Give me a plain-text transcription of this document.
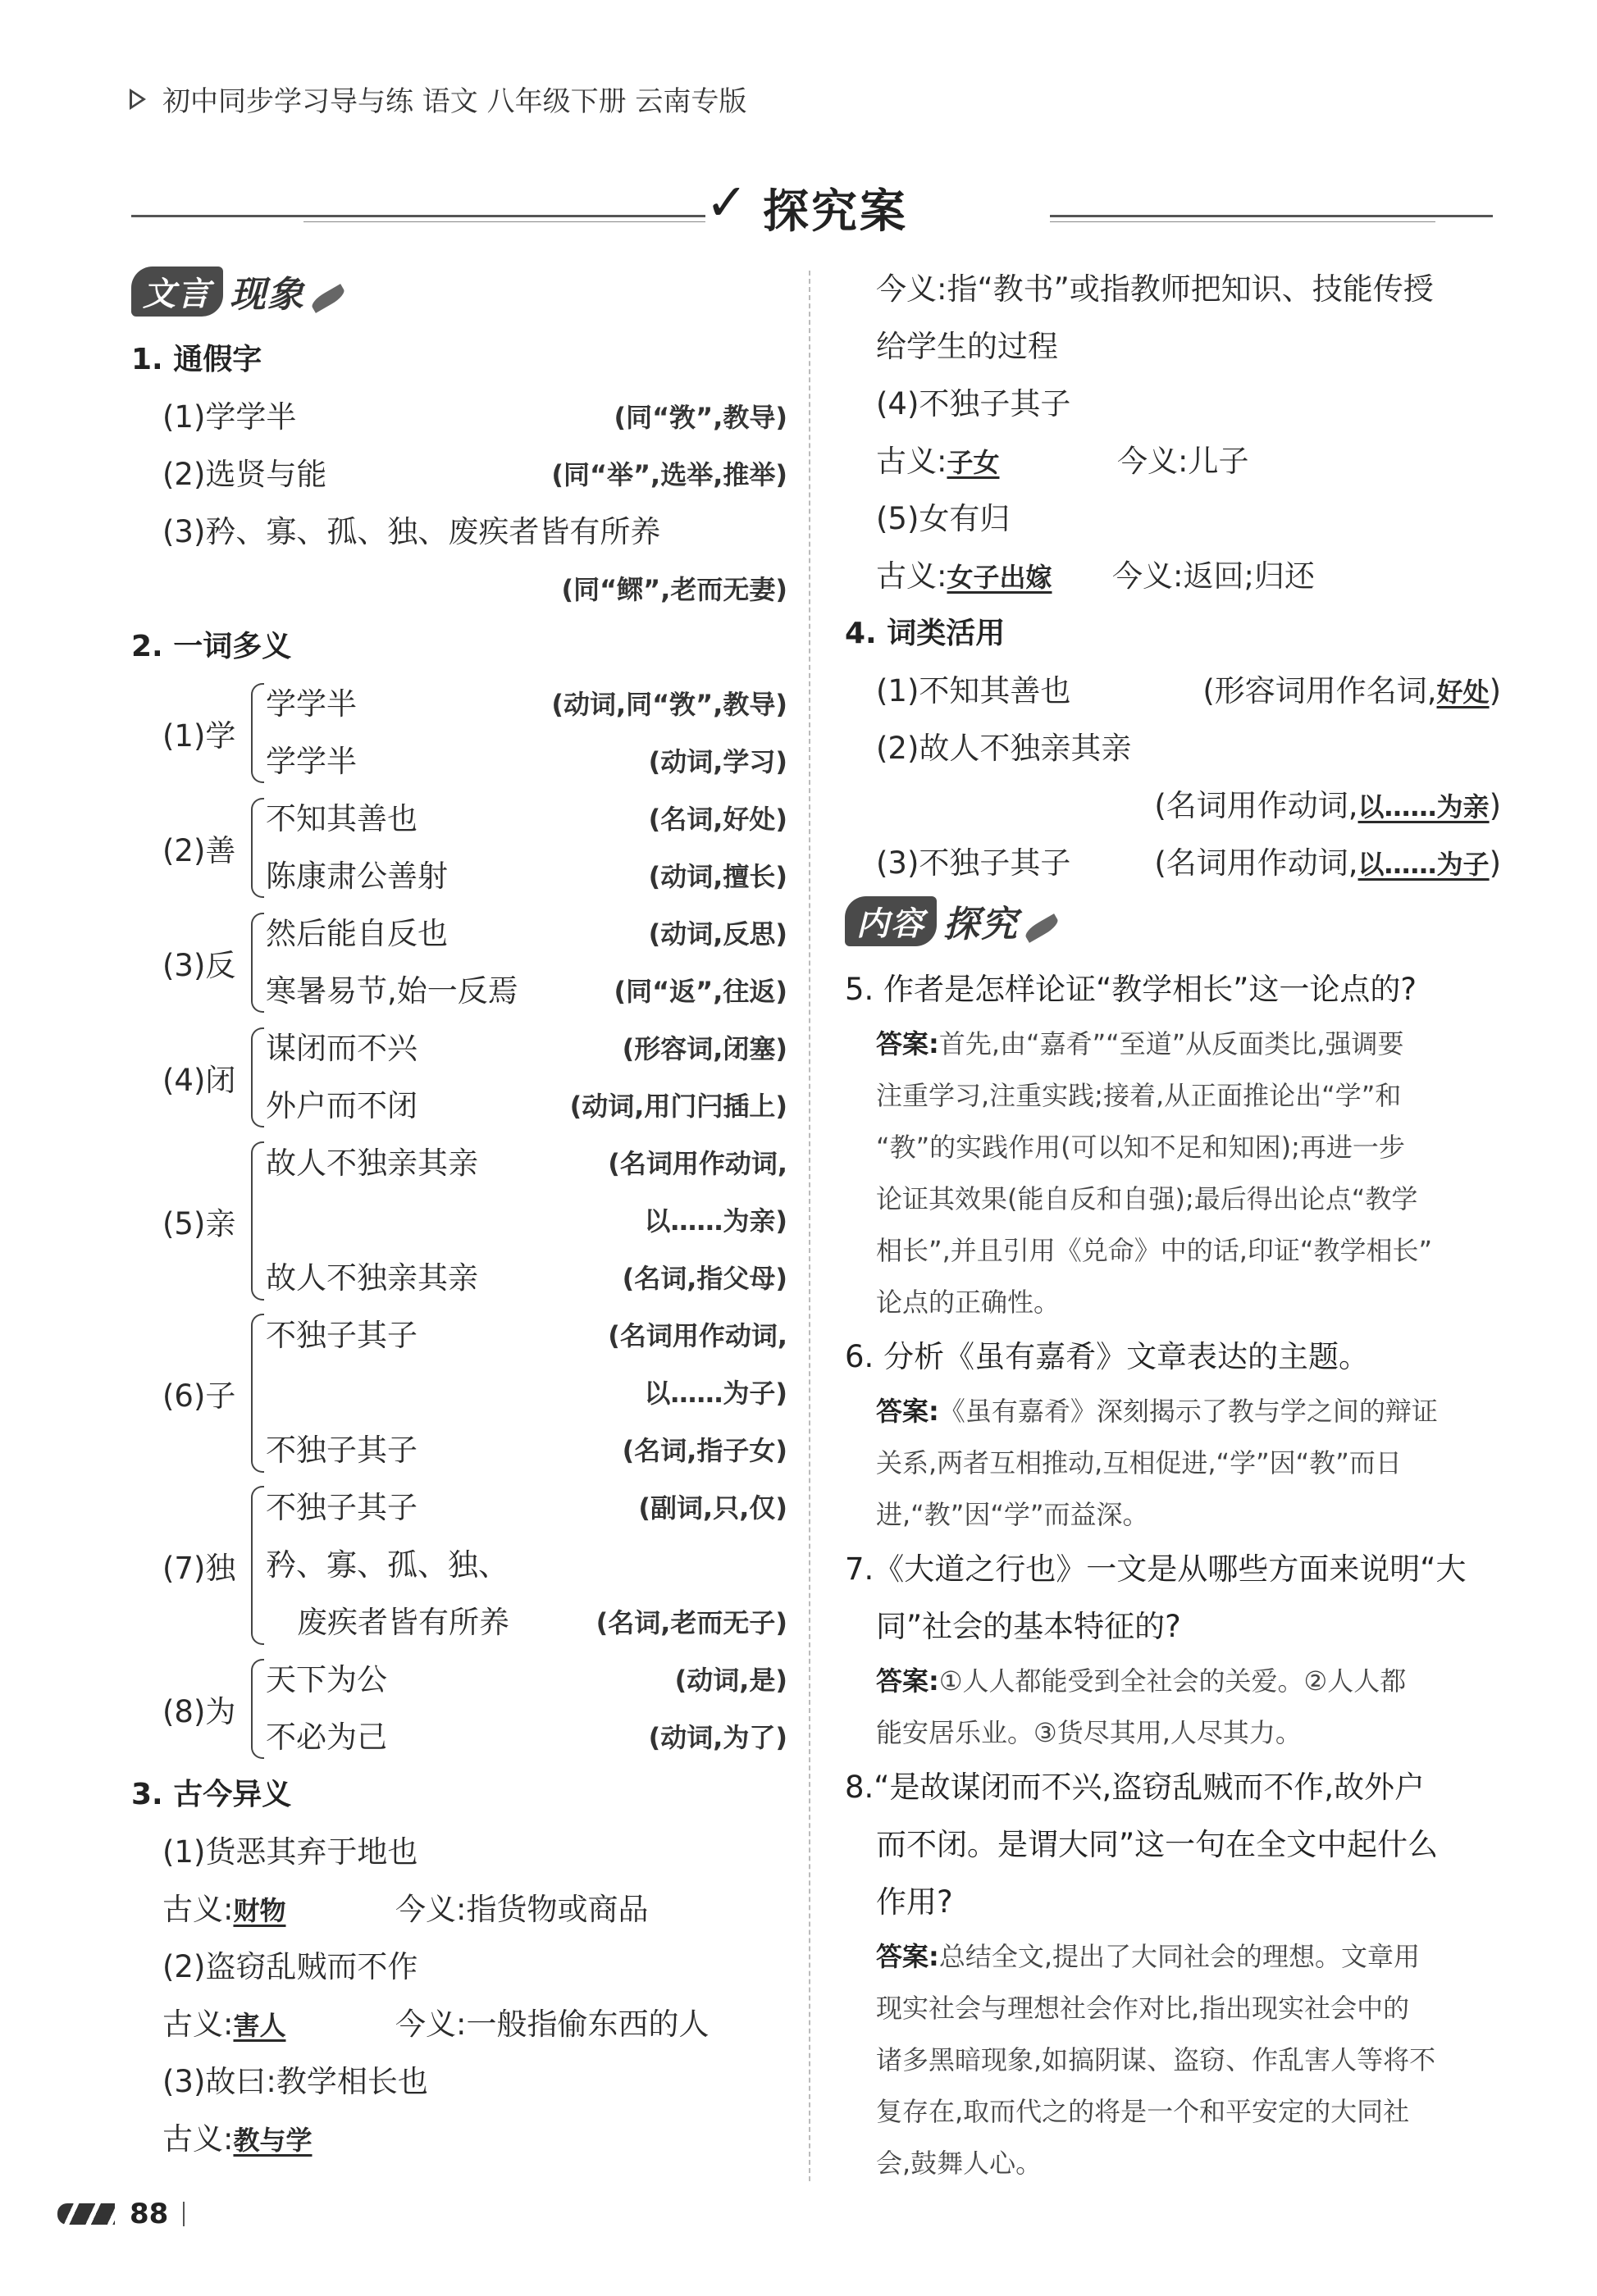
初中同步学习导与练 语文 八年级下册 云南专版
✓ 探究案
文言 现象
1. 通假字
(1)学学半	(同“敩”,教导)
(2)选贤与能	(同“举”,选举,推举)
(3)矜、寡、孤、独、废疾者皆有所养
(同“鳏”,老而无妻)
2. 一词多义
(1)学
学学半	(动词,同“敩”,教导)
学学半	(动词,学习)
(2)善
不知其善也	(名词,好处)
陈康肃公善射	(动词,擅长)
(3)反
然后能自反也	(动词,反思)
寒暑易节,始一反焉	(同“返”,往返)
(4)闭
谋闭而不兴	(形容词,闭塞)
外户而不闭	(动词,用门闩插上)
(5)亲
故人不独亲其亲	(名词用作动词,
以……为亲)
故人不独亲其亲	(名词,指父母)
(6)子
不独子其子	(名词用作动词,
以……为子)
不独子其子	(名词,指子女)
(7)独
不独子其子	(副词,只,仅)
矜、寡、孤、独、
废疾者皆有所养	(名词,老而无子)
(8)为
天下为公	(动词,是)
不必为己	(动词,为了)
3. 古今异义
(1)货恶其弃于地也
古义:财物	今义:指货物或商品
(2)盗窃乱贼而不作
古义:害人	今义:一般指偷东西的人
(3)故曰:教学相长也
古义:教与学
今义:指“教书”或指教师把知识、技能传授
给学生的过程
(4)不独子其子
古义:子女	今义:儿子
(5)女有归
古义:女子出嫁 今义:返回;归还
4. 词类活用
(1)不知其善也	(形容词用作名词,好处)
(2)故人不独亲其亲
(名词用作动词,以……为亲)
(3)不独子其子	(名词用作动词,以……为子)
内容 探究
5. 作者是怎样论证“教学相长”这一论点的?
答案:首先,由“嘉肴”“至道”从反面类比,强调要
注重学习,注重实践;接着,从正面推论出“学”和
“教”的实践作用(可以知不足和知困);再进一步
论证其效果(能自反和自强);最后得出论点“教学
相长”,并且引用《兑命》中的话,印证“教学相长”
论点的正确性。
6. 分析《虽有嘉肴》文章表达的主题。
答案:《虽有嘉肴》深刻揭示了教与学之间的辩证
关系,两者互相推动,互相促进,“学”因“教”而日
进,“教”因“学”而益深。
7.《大道之行也》一文是从哪些方面来说明“大
同”社会的基本特征的?
答案:①人人都能受到全社会的关爱。②人人都
能安居乐业。③货尽其用,人尽其力。
8.“是故谋闭而不兴,盗窃乱贼而不作,故外户
而不闭。是谓大同”这一句在全文中起什么
作用?
答案:总结全文,提出了大同社会的理想。文章用
现实社会与理想社会作对比,指出现实社会中的
诸多黑暗现象,如搞阴谋、盗窃、作乱害人等将不
复存在,取而代之的将是一个和平安定的大同社
会,鼓舞人心。
88
